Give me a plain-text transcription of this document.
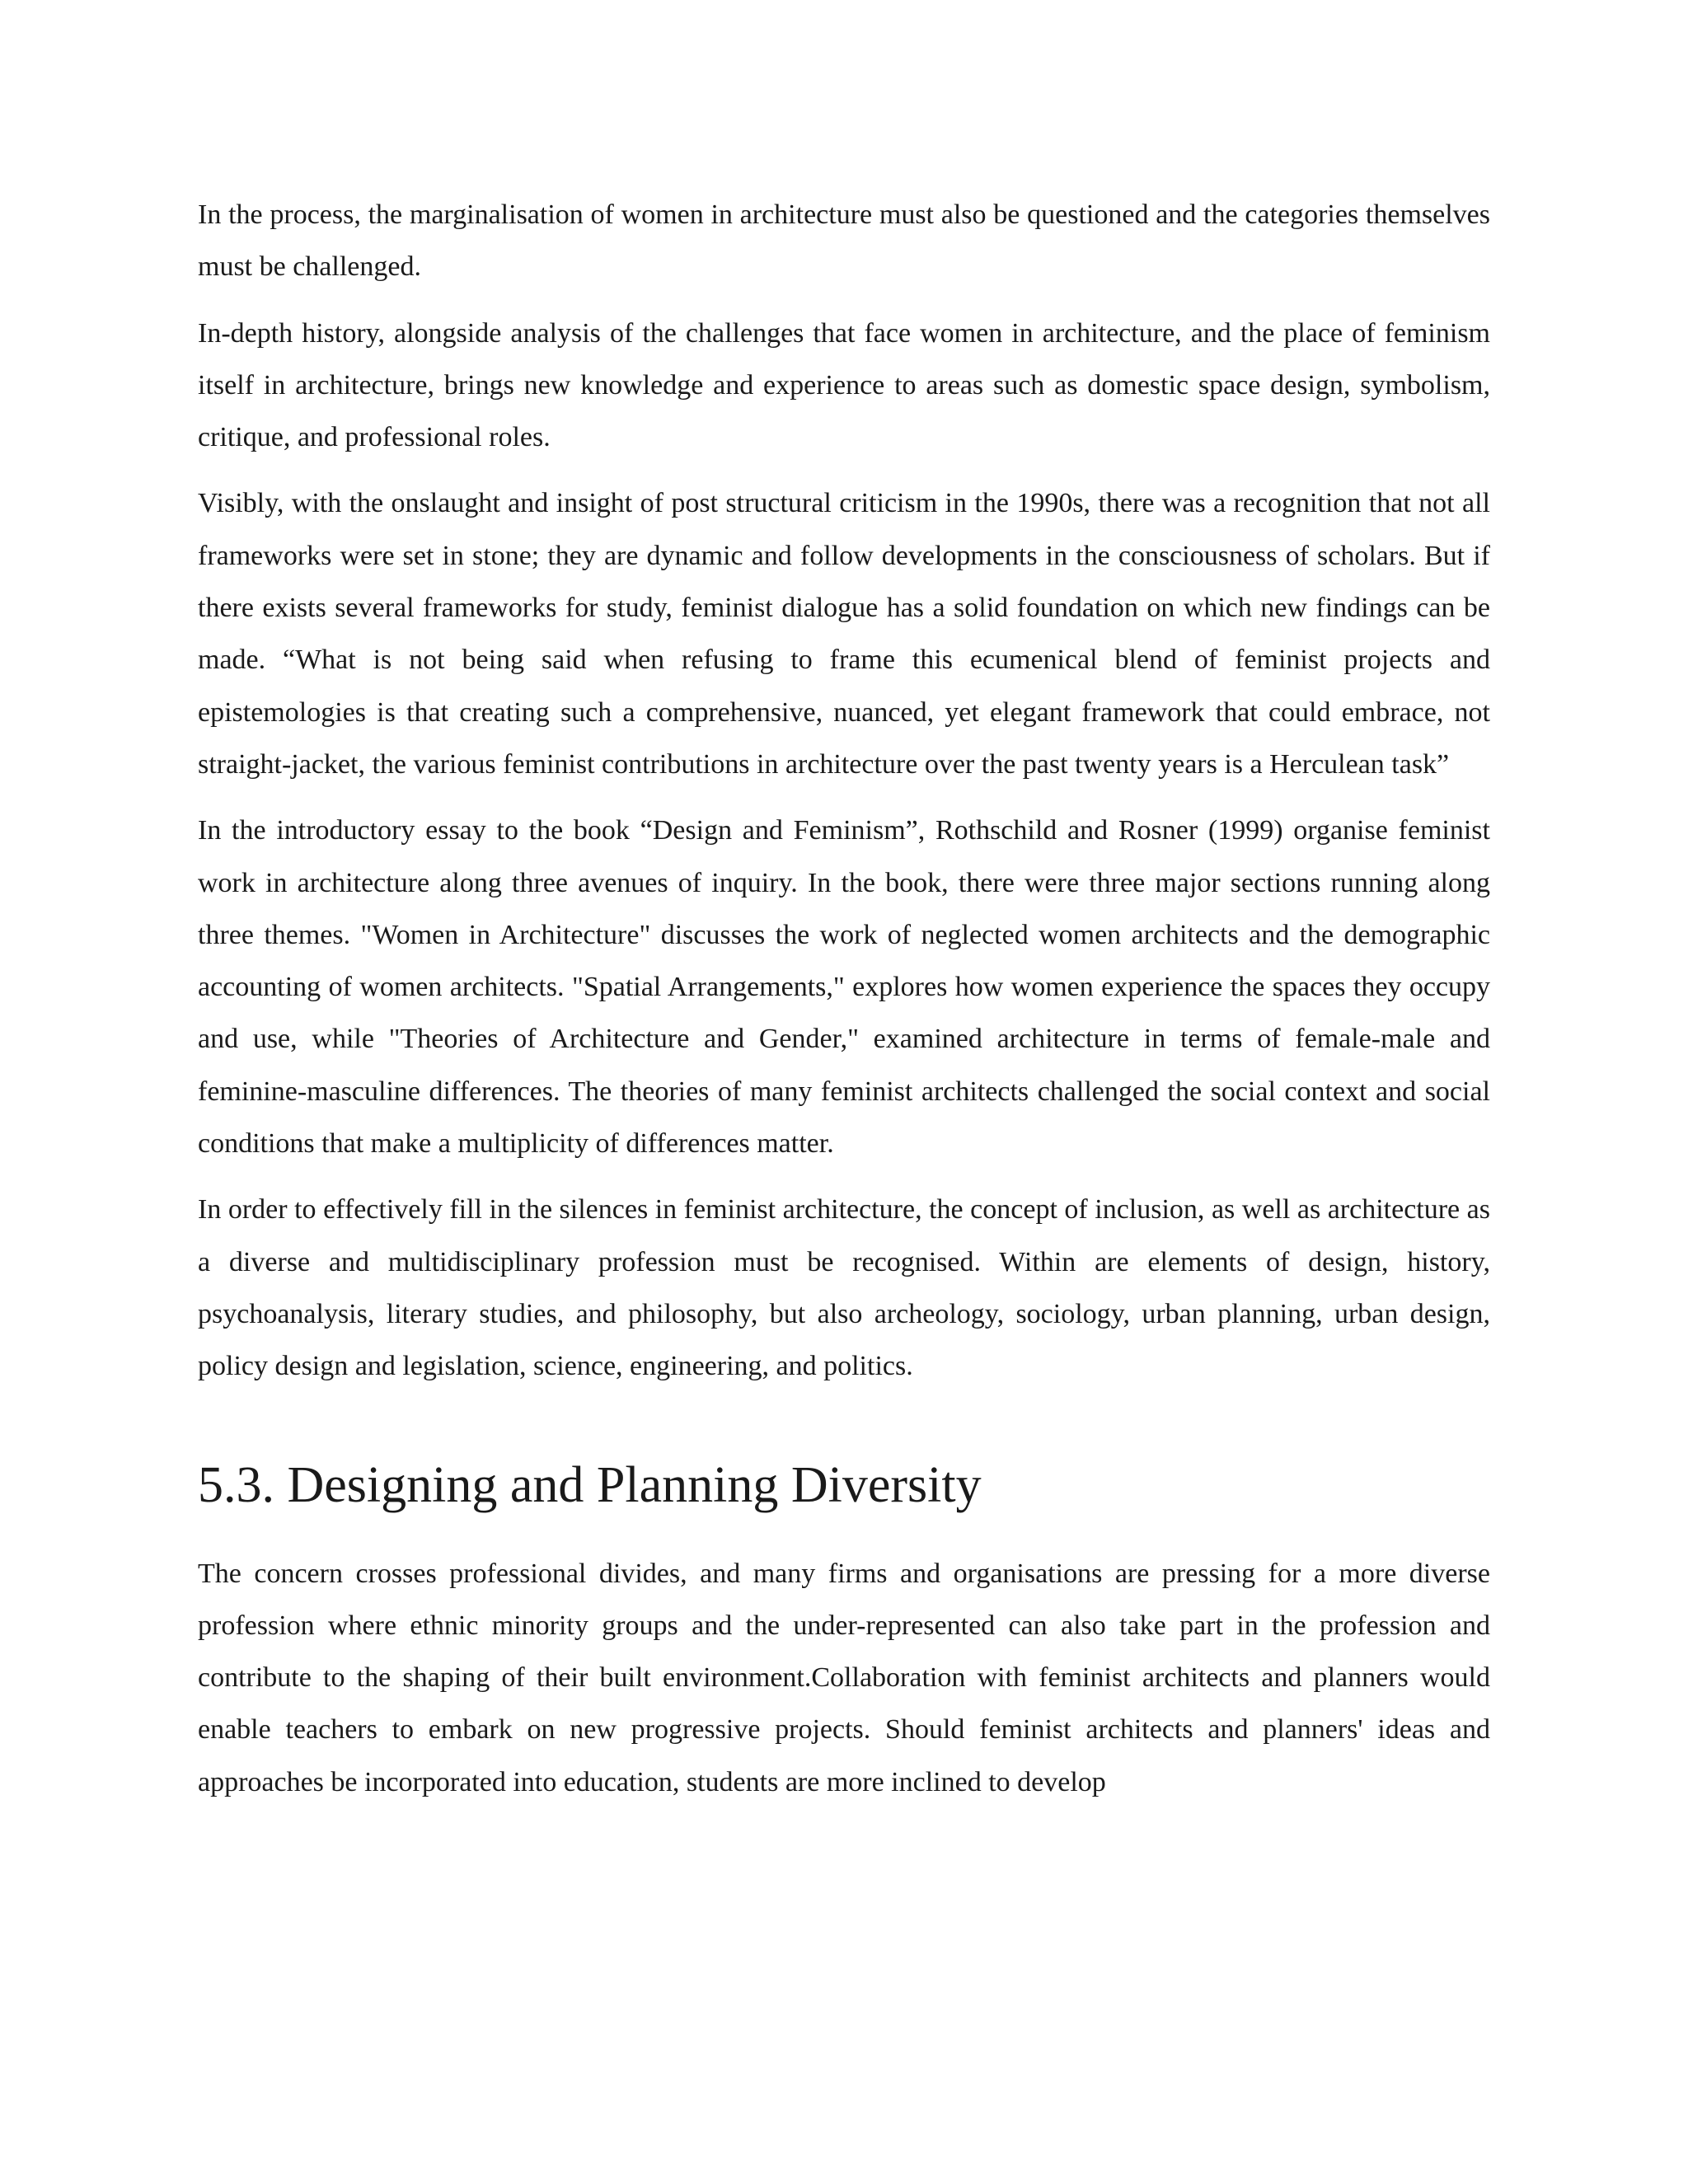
In the process, the marginalisation of women in architecture must also be questioned and the categories themselves must be challenged.

In-depth history, alongside analysis of the challenges that face women in architecture, and the place of feminism itself in architecture, brings new knowledge and experience to areas such as domestic space design, symbolism, critique, and professional roles.

Visibly, with the onslaught and insight of post structural criticism in the 1990s, there was a recognition that not all frameworks were set in stone; they are dynamic and follow developments in the consciousness of scholars. But if there exists several frameworks for study, feminist dialogue has a solid foundation on which new findings can be made. “What is not being said when refusing to frame this ecumenical blend of feminist projects and epistemologies is that creating such a comprehensive, nuanced, yet elegant framework that could embrace, not straight-jacket, the various feminist contributions in architecture over the past twenty years is a Herculean task”

In the introductory essay to the book “Design and Feminism”, Rothschild and Rosner (1999) organise feminist work in architecture along three avenues of inquiry. In the book, there were three major sections running along three themes. "Women in Architecture" discusses the work of neglected women architects and the demographic accounting of women architects. "Spatial Arrangements," explores how women experience the spaces they occupy and use, while "Theories of Architecture and Gender," examined architecture in terms of female-male and feminine-masculine differences. The theories of many feminist architects challenged the social context and social conditions that make a multiplicity of differences matter.

In order to effectively fill in the silences in feminist architecture, the concept of inclusion, as well as architecture as a diverse and multidisciplinary profession must be recognised. Within are elements of design, history, psychoanalysis, literary studies, and philosophy, but also archeology, sociology, urban planning, urban design, policy design and legislation, science, engineering, and politics.

5.3. Designing and Planning Diversity

The concern crosses professional divides, and many firms and organisations are pressing for a more diverse profession where ethnic minority groups and the under-represented can also take part in the profession and contribute to the shaping of their built environment.Collaboration with feminist architects and planners would enable teachers to embark on new progressive projects. Should feminist architects and planners' ideas and approaches be incorporated into education, students are more inclined to develop
